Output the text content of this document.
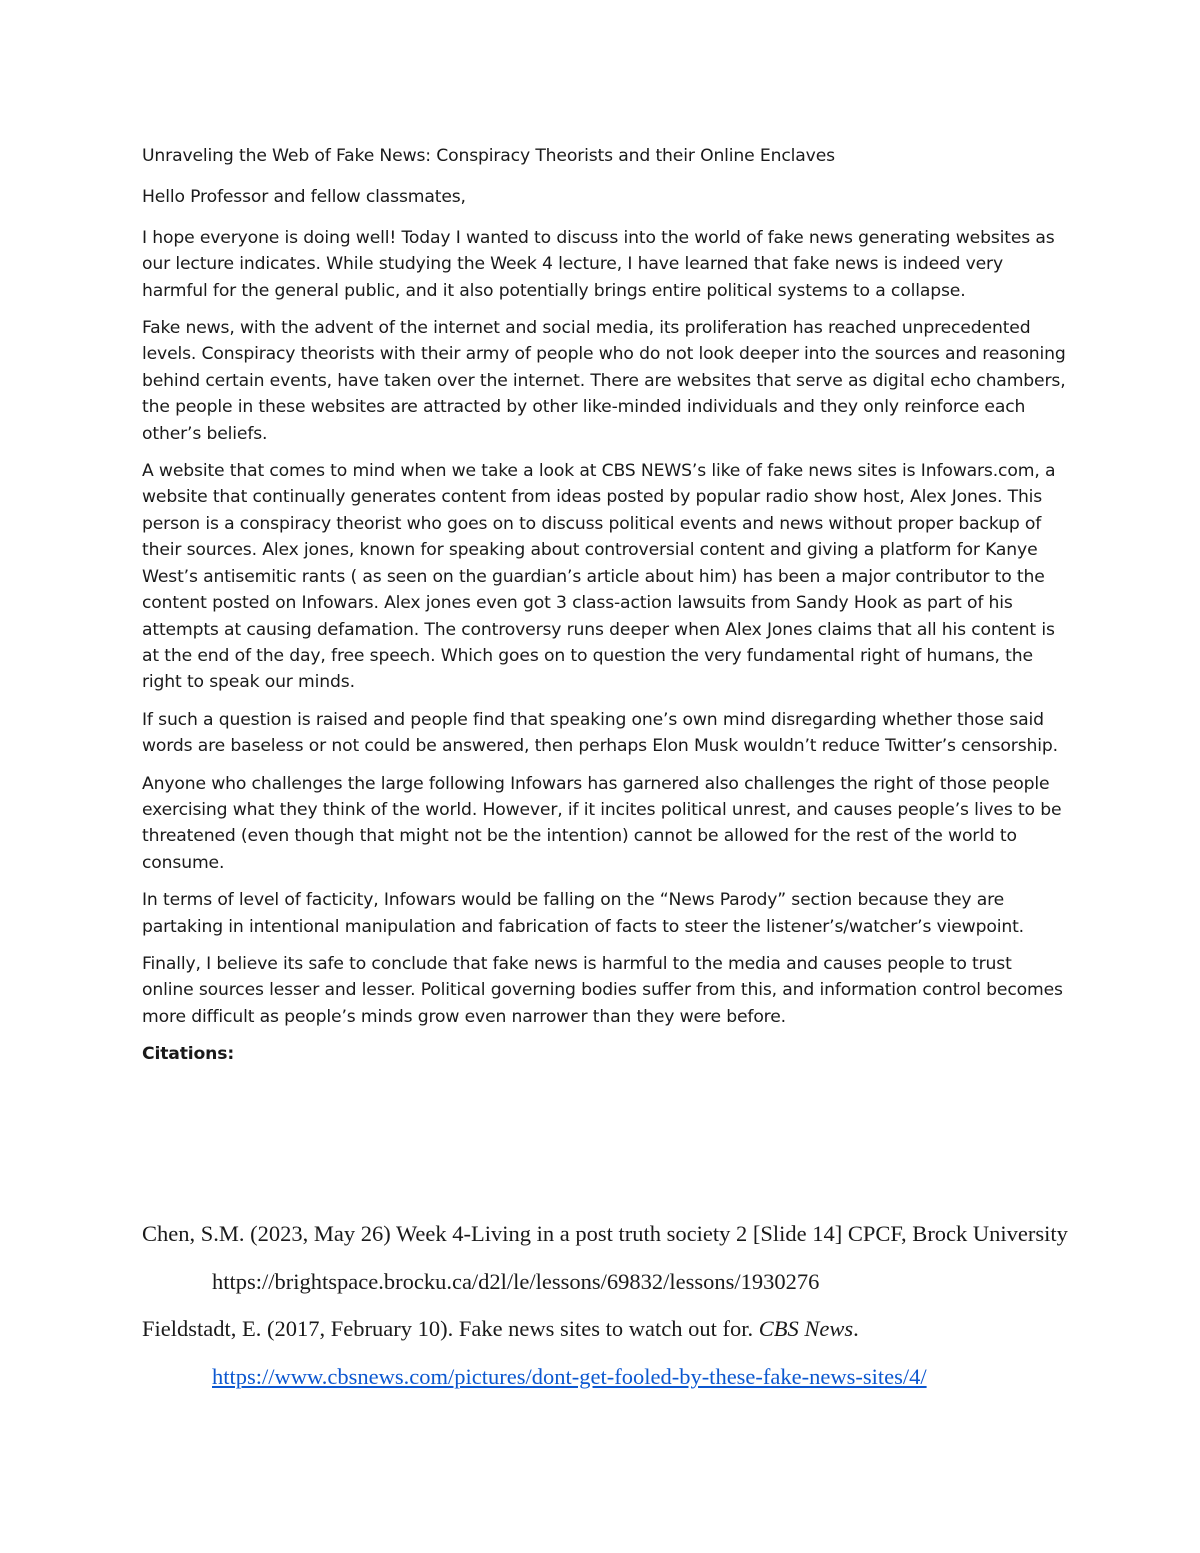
Unraveling the Web of Fake News: Conspiracy Theorists and their Online Enclaves

Hello Professor and fellow classmates,

I hope everyone is doing well! Today I wanted to discuss into the world of fake news generating websites as our lecture indicates. While studying the Week 4 lecture, I have learned that fake news is indeed very harmful for the general public, and it also potentially brings entire political systems to a collapse.

Fake news, with the advent of the internet and social media, its proliferation has reached unprecedented levels. Conspiracy theorists with their army of people who do not look deeper into the sources and reasoning behind certain events, have taken over the internet. There are websites that serve as digital echo chambers, the people in these websites are attracted by other like-minded individuals and they only reinforce each other’s beliefs.

A website that comes to mind when we take a look at CBS NEWS’s like of fake news sites is Infowars.com, a website that continually generates content from ideas posted by popular radio show host, Alex Jones. This person is a conspiracy theorist who goes on to discuss political events and news without proper backup of their sources. Alex jones, known for speaking about controversial content and giving a platform for Kanye West’s antisemitic rants ( as seen on the guardian’s article about him) has been a major contributor to the content posted on Infowars. Alex jones even got 3 class-action lawsuits from Sandy Hook as part of his attempts at causing defamation. The controversy runs deeper when Alex Jones claims that all his content is at the end of the day, free speech. Which goes on to question the very fundamental right of humans, the right to speak our minds.

If such a question is raised and people find that speaking one’s own mind disregarding whether those said words are baseless or not could be answered, then perhaps Elon Musk wouldn’t reduce Twitter’s censorship.

Anyone who challenges the large following Infowars has garnered also challenges the right of those people exercising what they think of the world. However, if it incites political unrest, and causes people’s lives to be threatened (even though that might not be the intention) cannot be allowed for the rest of the world to consume.

In terms of level of facticity, Infowars would be falling on the “News Parody” section because they are partaking in intentional manipulation and fabrication of facts to steer the listener’s/watcher’s viewpoint.

Finally, I believe its safe to conclude that fake news is harmful to the media and causes people to trust online sources lesser and lesser. Political governing bodies suffer from this, and information control becomes more difficult as people’s minds grow even narrower than they were before.

Citations:

Chen, S.M. (2023, May 26) Week 4-Living in a post truth society 2 [Slide 14] CPCF, Brock University https://brightspace.brocku.ca/d2l/le/lessons/69832/lessons/1930276

Fieldstadt, E. (2017, February 10). Fake news sites to watch out for. CBS News. https://www.cbsnews.com/pictures/dont-get-fooled-by-these-fake-news-sites/4/
